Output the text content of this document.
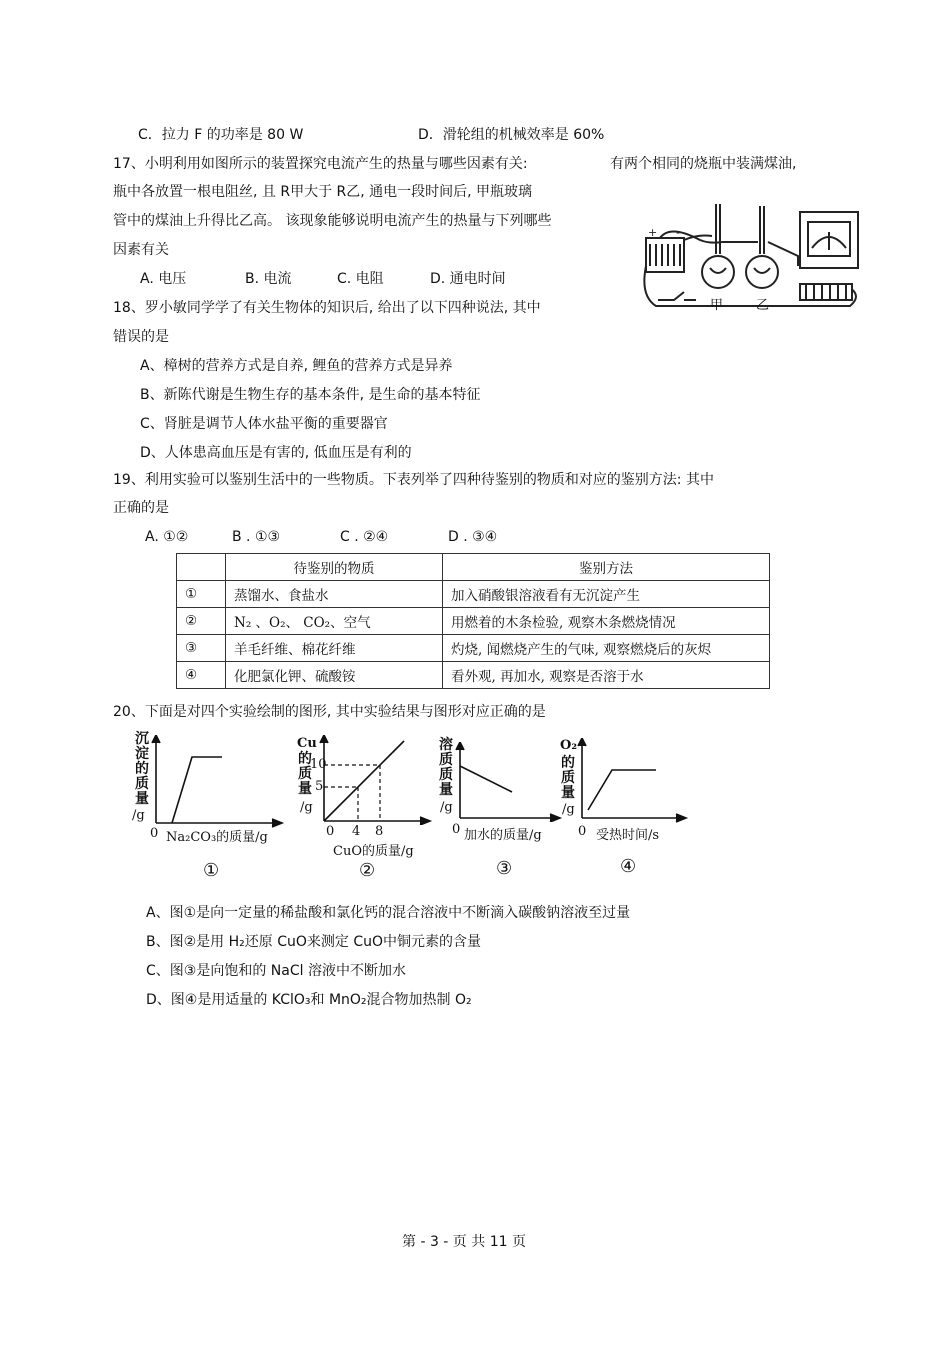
C．拉力 F 的功率是 80 W	D．滑轮组的机械效率是 60%
17、小明利用如图所示的装置探究电流产生的热量与哪些因素有关:	有两个相同的烧瓶中装满煤油,
瓶中各放置一根电阻丝, 且 R甲大于 R乙, 通电一段时间后, 甲瓶玻璃
管中的煤油上升得比乙高。 该现象能够说明电流产生的热量与下列哪些
因素有关
A. 电压	B. 电流	C. 电阻	D. 通电时间
+ -
甲	乙
18、罗小敏同学学了有关生物体的知识后, 给出了以下四种说法, 其中
错误的是
A、樟树的营养方式是自养, 鲤鱼的营养方式是异养
B、新陈代谢是生物生存的基本条件, 是生命的基本特征
C、肾脏是调节人体水盐平衡的重要器官
D、人体患高血压是有害的, 低血压是有利的
19、利用实验可以鉴别生活中的一些物质。下表列举了四种待鉴别的物质和对应的鉴别方法: 其中
正确的是
A. ①②	B . ①③	C . ②④	D . ③④
	待鉴别的物质	鉴别方法
①	蒸馏水、食盐水	加入硝酸银溶液看有无沉淀产生
②	N₂ 、O₂、 CO₂、空气	用燃着的木条检验, 观察木条燃烧情况
③	羊毛纤维、棉花纤维	灼烧, 闻燃烧产生的气味, 观察燃烧后的灰烬
④	化肥氯化钾、硫酸铵	看外观, 再加水, 观察是否溶于水
20、下面是对四个实验绘制的图形, 其中实验结果与图形对应正确的是
沉淀的质量
/g
0 Na₂CO₃的质量/g
①
Cu
的质量
/g
5
10
0 4 8
CuO的质量/g
②
溶质质量
/g
0 加水的质量/g
③
O₂
的质量
/g
0 受热时间/s
④
A、图①是向一定量的稀盐酸和氯化钙的混合溶液中不断滴入碳酸钠溶液至过量
B、图②是用 H₂还原 CuO来测定 CuO中铜元素的含量
C、图③是向饱和的 NaCl 溶液中不断加水
D、图④是用适量的 KClO₃和 MnO₂混合物加热制 O₂
第 - 3 - 页 共 11 页
